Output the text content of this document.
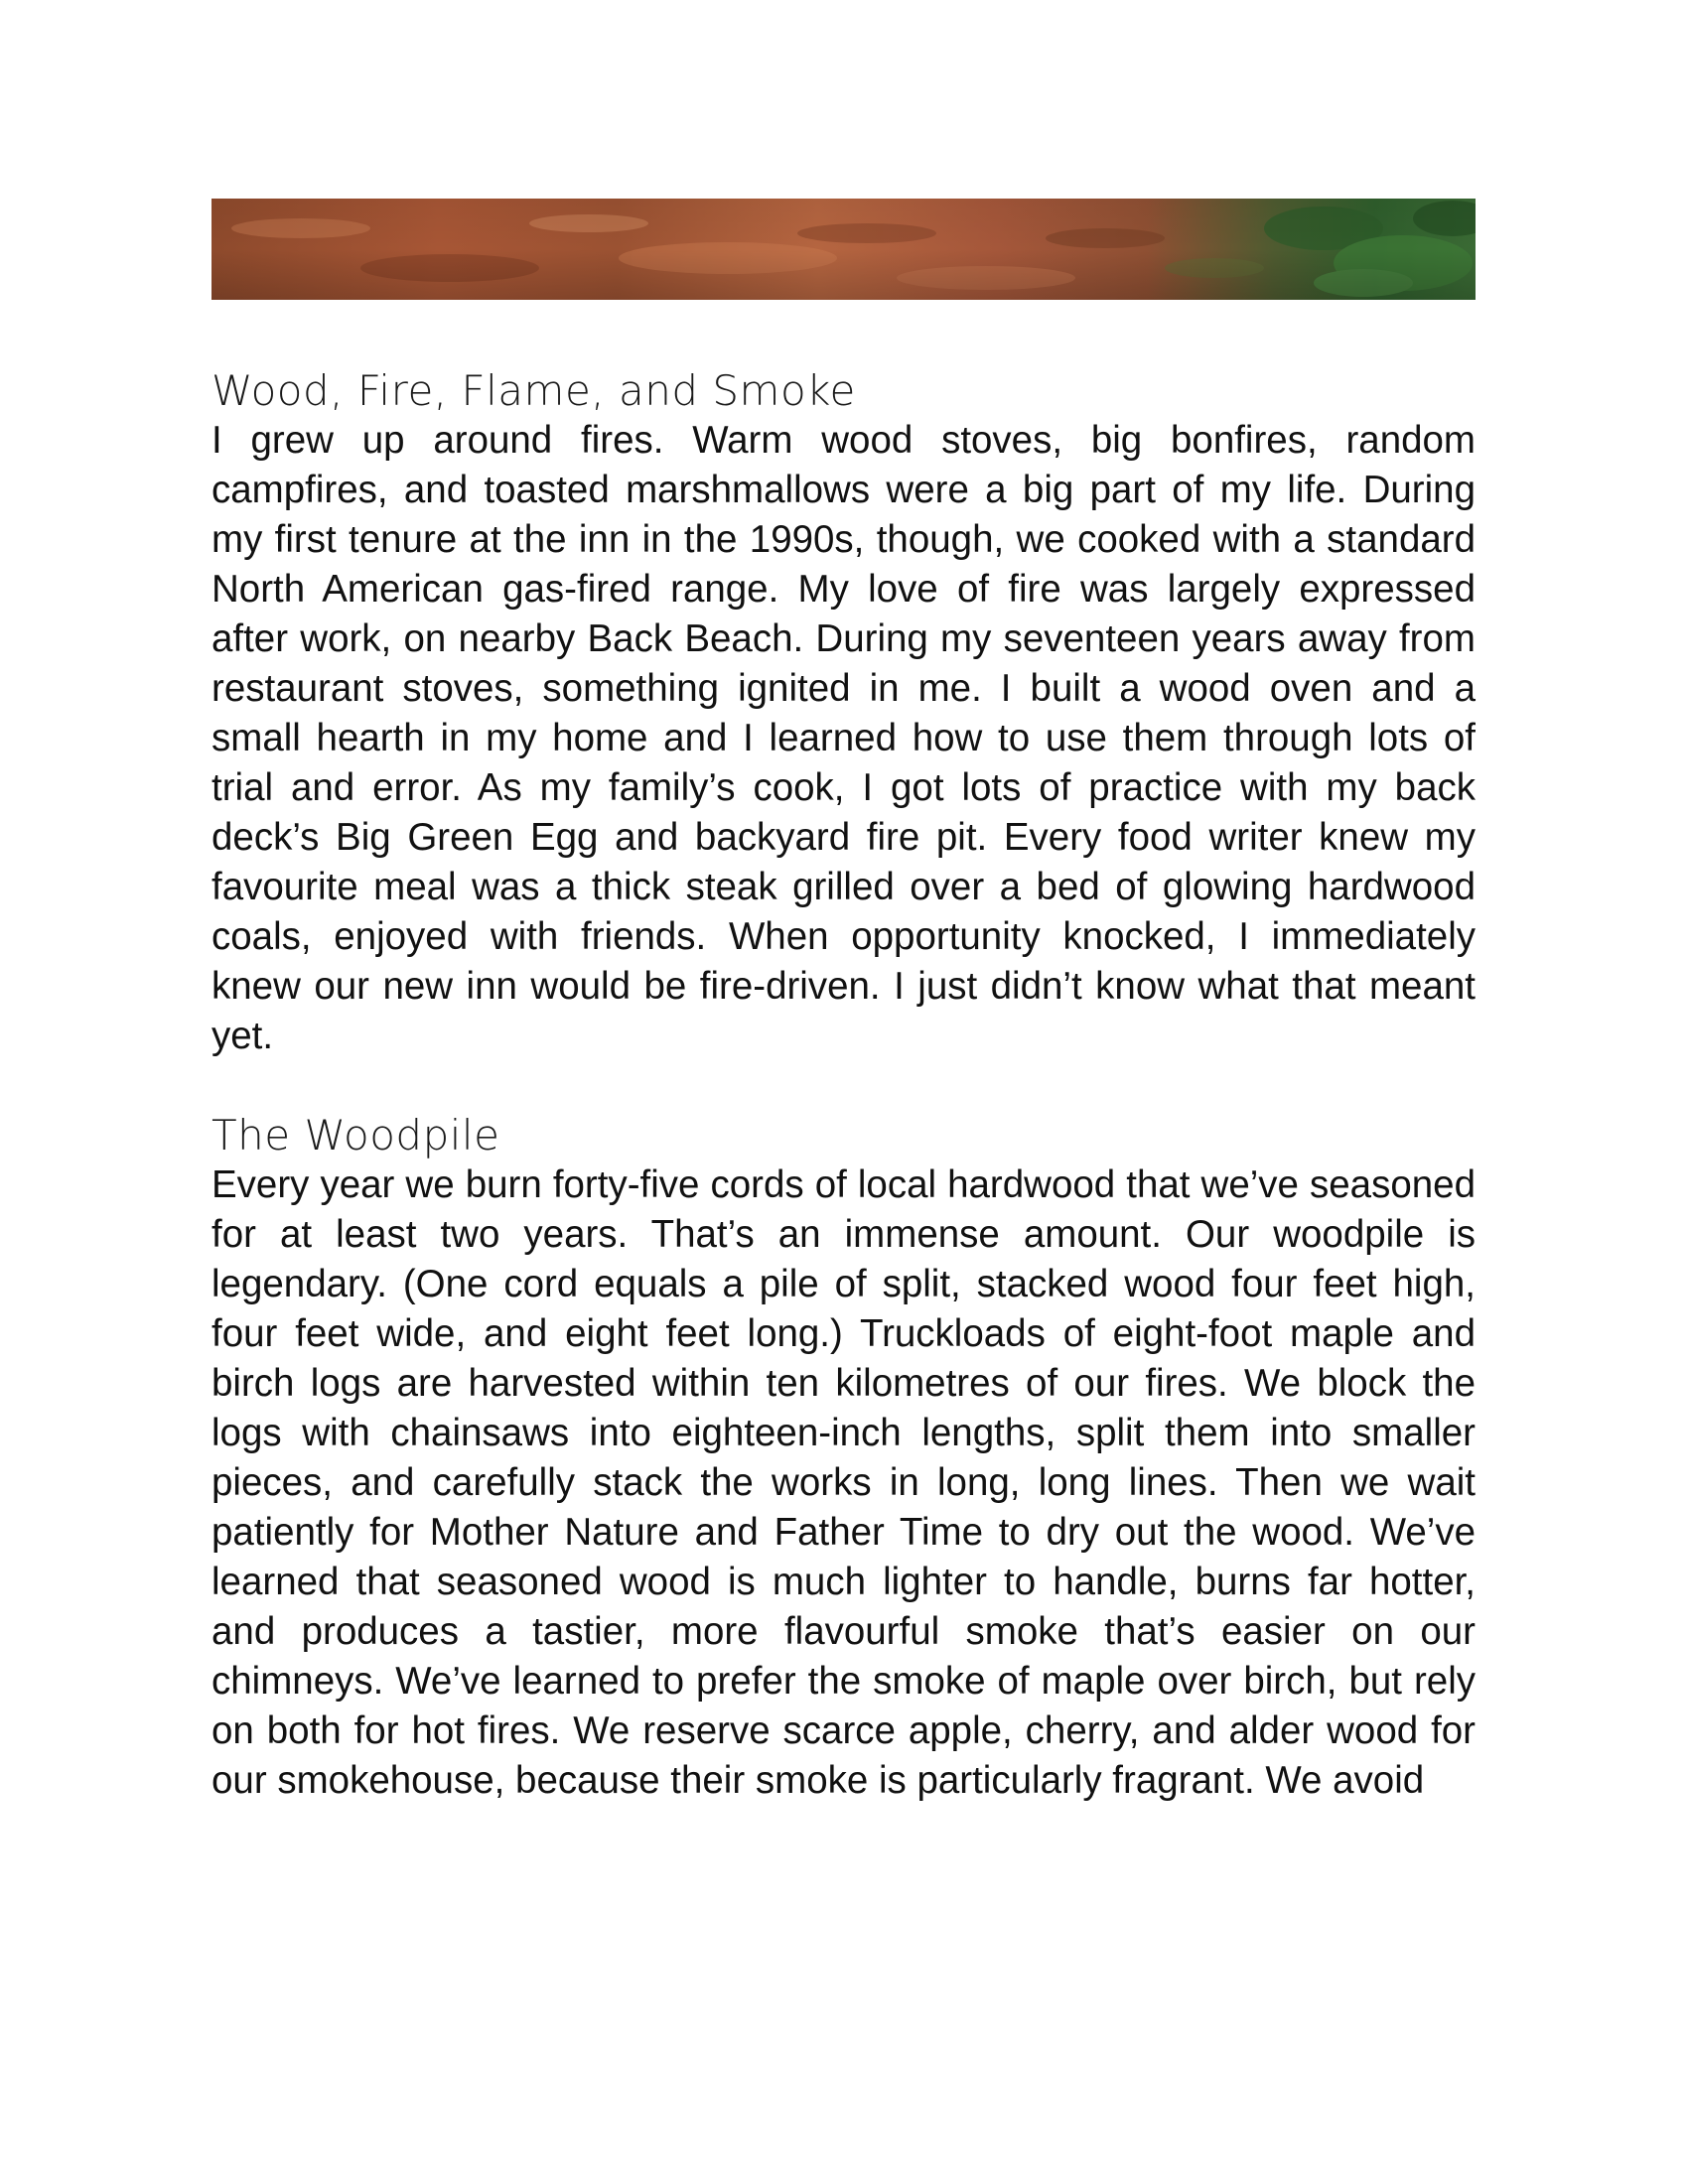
Wood, Fire, Flame, and Smoke

I grew up around fires. Warm wood stoves, big bonfires, random campfires, and toasted marshmallows were a big part of my life. During my first tenure at the inn in the 1990s, though, we cooked with a standard North American gas-fired range. My love of fire was largely expressed after work, on nearby Back Beach. During my seventeen years away from restaurant stoves, something ignited in me. I built a wood oven and a small hearth in my home and I learned how to use them through lots of trial and error. As my family’s cook, I got lots of practice with my back deck’s Big Green Egg and backyard fire pit. Every food writer knew my favourite meal was a thick steak grilled over a bed of glowing hardwood coals, enjoyed with friends. When opportunity knocked, I immediately knew our new inn would be fire-driven. I just didn’t know what that meant yet.

The Woodpile

Every year we burn forty-five cords of local hardwood that we’ve seasoned for at least two years. That’s an immense amount. Our woodpile is legendary. (One cord equals a pile of split, stacked wood four feet high, four feet wide, and eight feet long.) Truckloads of eight-foot maple and birch logs are harvested within ten kilometres of our fires. We block the logs with chainsaws into eighteen-inch lengths, split them into smaller pieces, and carefully stack the works in long, long lines. Then we wait patiently for Mother Nature and Father Time to dry out the wood. We’ve learned that seasoned wood is much lighter to handle, burns far hotter, and produces a tastier, more flavourful smoke that’s easier on our chimneys. We’ve learned to prefer the smoke of maple over birch, but rely on both for hot fires. We reserve scarce apple, cherry, and alder wood for our smokehouse, because their smoke is particularly fragrant. We avoid
